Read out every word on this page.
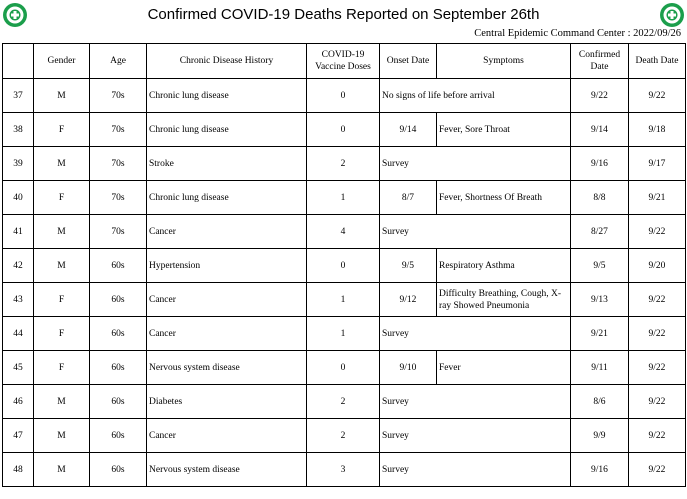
Confirmed COVID-19 Deaths Reported on September 26th
Central Epidemic Command Center : 2022/09/26
	Gender	Age	Chronic Disease History	COVID-19 Vaccine Doses	Onset Date	Symptoms	Confirmed Date	Death Date
37	M	70s	Chronic lung disease	0	No signs of life before arrival		9/22	9/22
38	F	70s	Chronic lung disease	0	9/14	Fever, Sore Throat	9/14	9/18
39	M	70s	Stroke	2	Survey		9/16	9/17
40	F	70s	Chronic lung disease	1	8/7	Fever, Shortness Of Breath	8/8	9/21
41	M	70s	Cancer	4	Survey		8/27	9/22
42	M	60s	Hypertension	0	9/5	Respiratory Asthma	9/5	9/20
43	F	60s	Cancer	1	9/12	Difficulty Breathing, Cough, X-ray Showed Pneumonia	9/13	9/22
44	F	60s	Cancer	1	Survey		9/21	9/22
45	F	60s	Nervous system disease	0	9/10	Fever	9/11	9/22
46	M	60s	Diabetes	2	Survey		8/6	9/22
47	M	60s	Cancer	2	Survey		9/9	9/22
48	M	60s	Nervous system disease	3	Survey		9/16	9/22
